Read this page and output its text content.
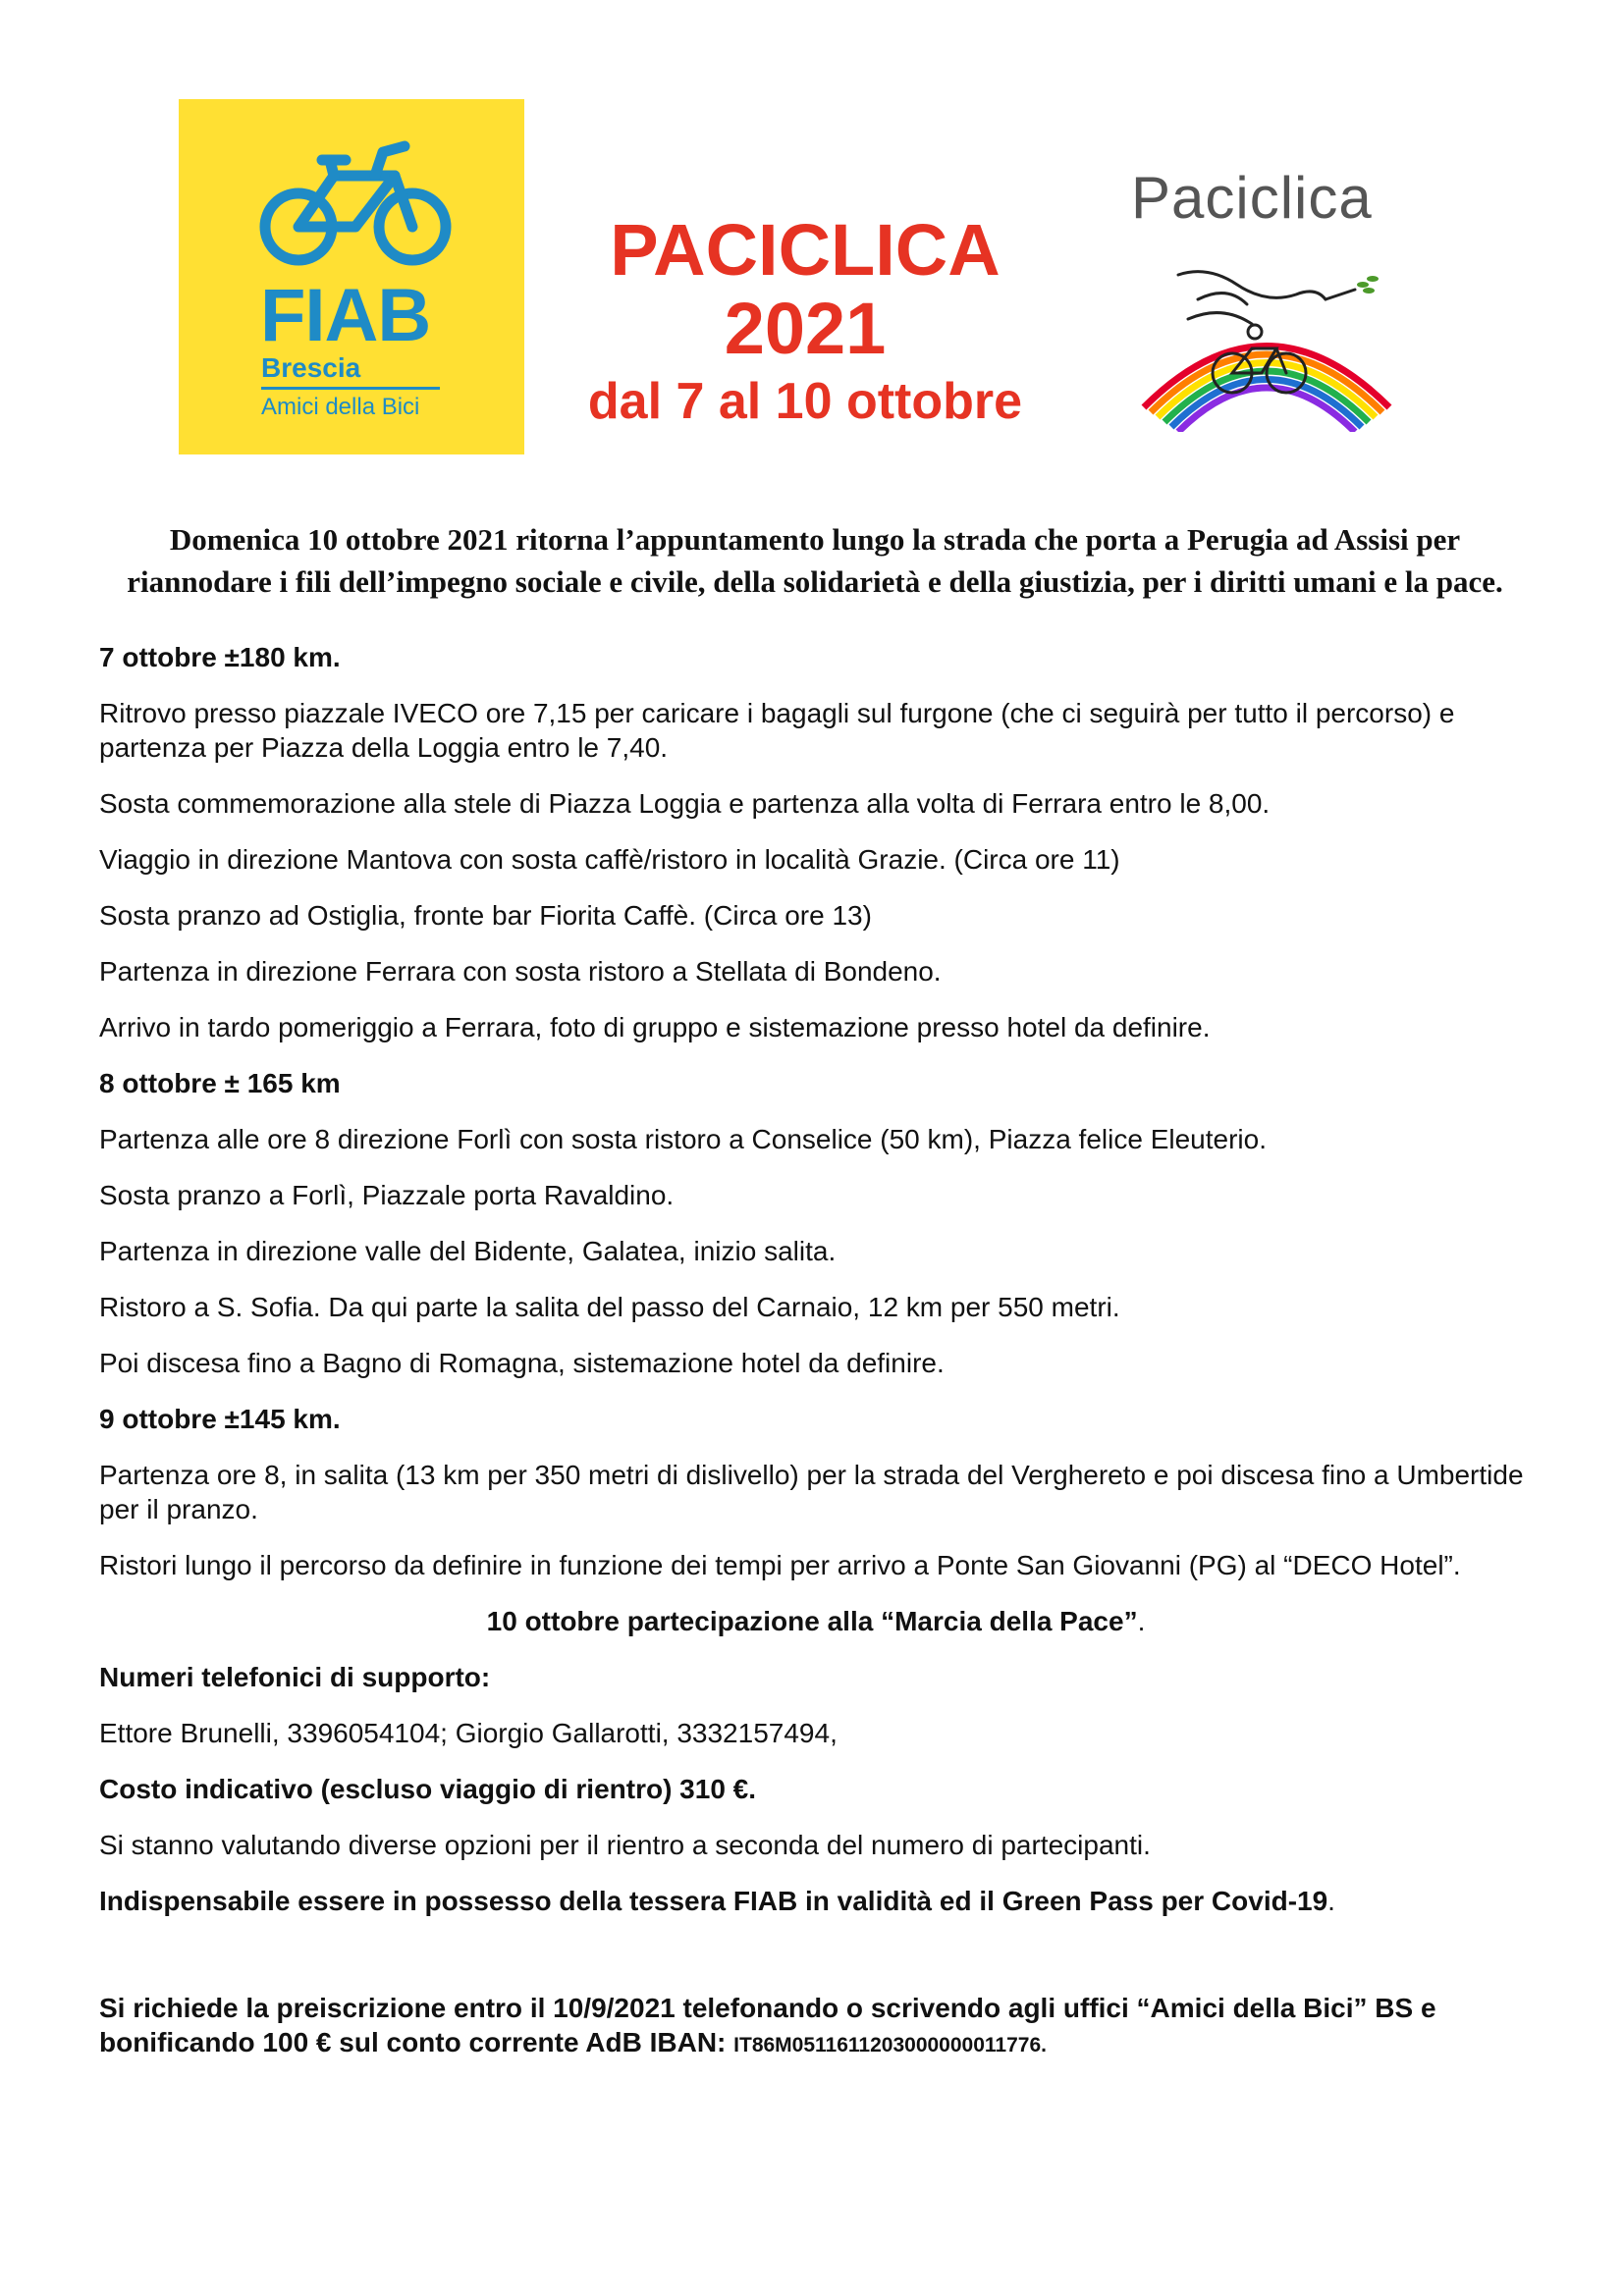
FIAB
Brescia
Amici della Bici
PACICLICA
2021
dal 7 al 10 ottobre
Paciclica
Domenica 10 ottobre 2021 ritorna l’appuntamento lungo la strada che porta a Perugia ad Assisi per riannodare i fili dell’impegno sociale e civile, della solidarietà e della giustizia, per i diritti umani e la pace.

7 ottobre ±180 km.

Ritrovo presso piazzale IVECO ore 7,15 per caricare i bagagli sul furgone (che ci seguirà per tutto il percorso) e partenza per Piazza della Loggia entro le 7,40.

Sosta commemorazione alla stele di Piazza Loggia e partenza alla volta di Ferrara entro le 8,00.

Viaggio in direzione Mantova con sosta caffè/ristoro in località Grazie. (Circa ore 11)

Sosta pranzo ad Ostiglia, fronte bar Fiorita Caffè. (Circa ore 13)

Partenza in direzione Ferrara con sosta ristoro a Stellata di Bondeno.

Arrivo in tardo pomeriggio a Ferrara, foto di gruppo e sistemazione presso hotel da definire.

8 ottobre ± 165 km

Partenza alle ore 8 direzione Forlì con sosta ristoro a Conselice (50 km), Piazza felice Eleuterio.

Sosta pranzo a Forlì, Piazzale porta Ravaldino.

Partenza in direzione valle del Bidente, Galatea, inizio salita.

Ristoro a S. Sofia. Da qui parte la salita del passo del Carnaio, 12 km per 550 metri.

Poi discesa fino a Bagno di Romagna, sistemazione hotel da definire.

9 ottobre ±145 km.

Partenza ore 8, in salita (13 km per 350 metri di dislivello) per la strada del Verghereto e poi discesa fino a Umbertide per il pranzo.

Ristori lungo il percorso da definire in funzione dei tempi per arrivo a Ponte San Giovanni (PG) al “DECO Hotel”.

10 ottobre partecipazione alla “Marcia della Pace”.

Numeri telefonici di supporto:

Ettore Brunelli, 3396054104; Giorgio Gallarotti, 3332157494,

Costo indicativo (escluso viaggio di rientro) 310 €.

Si stanno valutando diverse opzioni per il rientro a seconda del numero di partecipanti.

Indispensabile essere in possesso della tessera FIAB in validità ed il Green Pass per Covid-19.

Si richiede la preiscrizione entro il 10/9/2021 telefonando o scrivendo agli uffici “Amici della Bici” BS e bonificando 100 € sul conto corrente AdB IBAN: IT86M0511611203000000011776.
